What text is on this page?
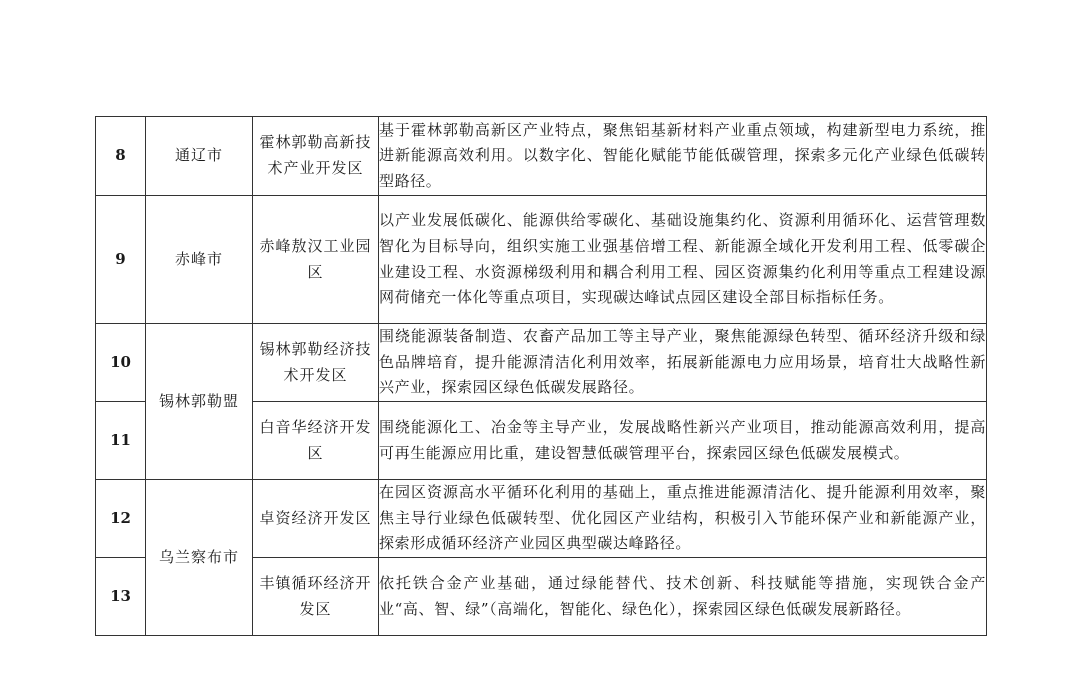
8	通辽市	霍林郭勒高新技术产业开发区	基于霍林郭勒高新区产业特点，聚焦铝基新材料产业重点领域，构建新型电力系统，推进新能源高效利用。以数字化、智能化赋能节能低碳管理，探索多元化产业绿色低碳转型路径。
9	赤峰市	赤峰敖汉工业园区	以产业发展低碳化、能源供给零碳化、基础设施集约化、资源利用循环化、运营管理数智化为目标导向，组织实施工业强基倍增工程、新能源全域化开发利用工程、低零碳企业建设工程、水资源梯级利用和耦合利用工程、园区资源集约化利用等重点工程建设源网荷储充一体化等重点项目，实现碳达峰试点园区建设全部目标指标任务。
10	锡林郭勒盟	锡林郭勒经济技术开发区	围绕能源装备制造、农畜产品加工等主导产业，聚焦能源绿色转型、循环经济升级和绿色品牌培育，提升能源清洁化利用效率，拓展新能源电力应用场景，培育壮大战略性新兴产业，探索园区绿色低碳发展路径。
11		白音华经济开发区	围绕能源化工、冶金等主导产业，发展战略性新兴产业项目，推动能源高效利用，提高可再生能源应用比重，建设智慧低碳管理平台，探索园区绿色低碳发展模式。
12	乌兰察布市	卓资经济开发区	在园区资源高水平循环化利用的基础上，重点推进能源清洁化、提升能源利用效率，聚焦主导行业绿色低碳转型、优化园区产业结构，积极引入节能环保产业和新能源产业，探索形成循环经济产业园区典型碳达峰路径。
13		丰镇循环经济开发区	依托铁合金产业基础，通过绿能替代、技术创新、科技赋能等措施，实现铁合金产业“高、智、绿”（高端化，智能化、绿色化），探索园区绿色低碳发展新路径。
